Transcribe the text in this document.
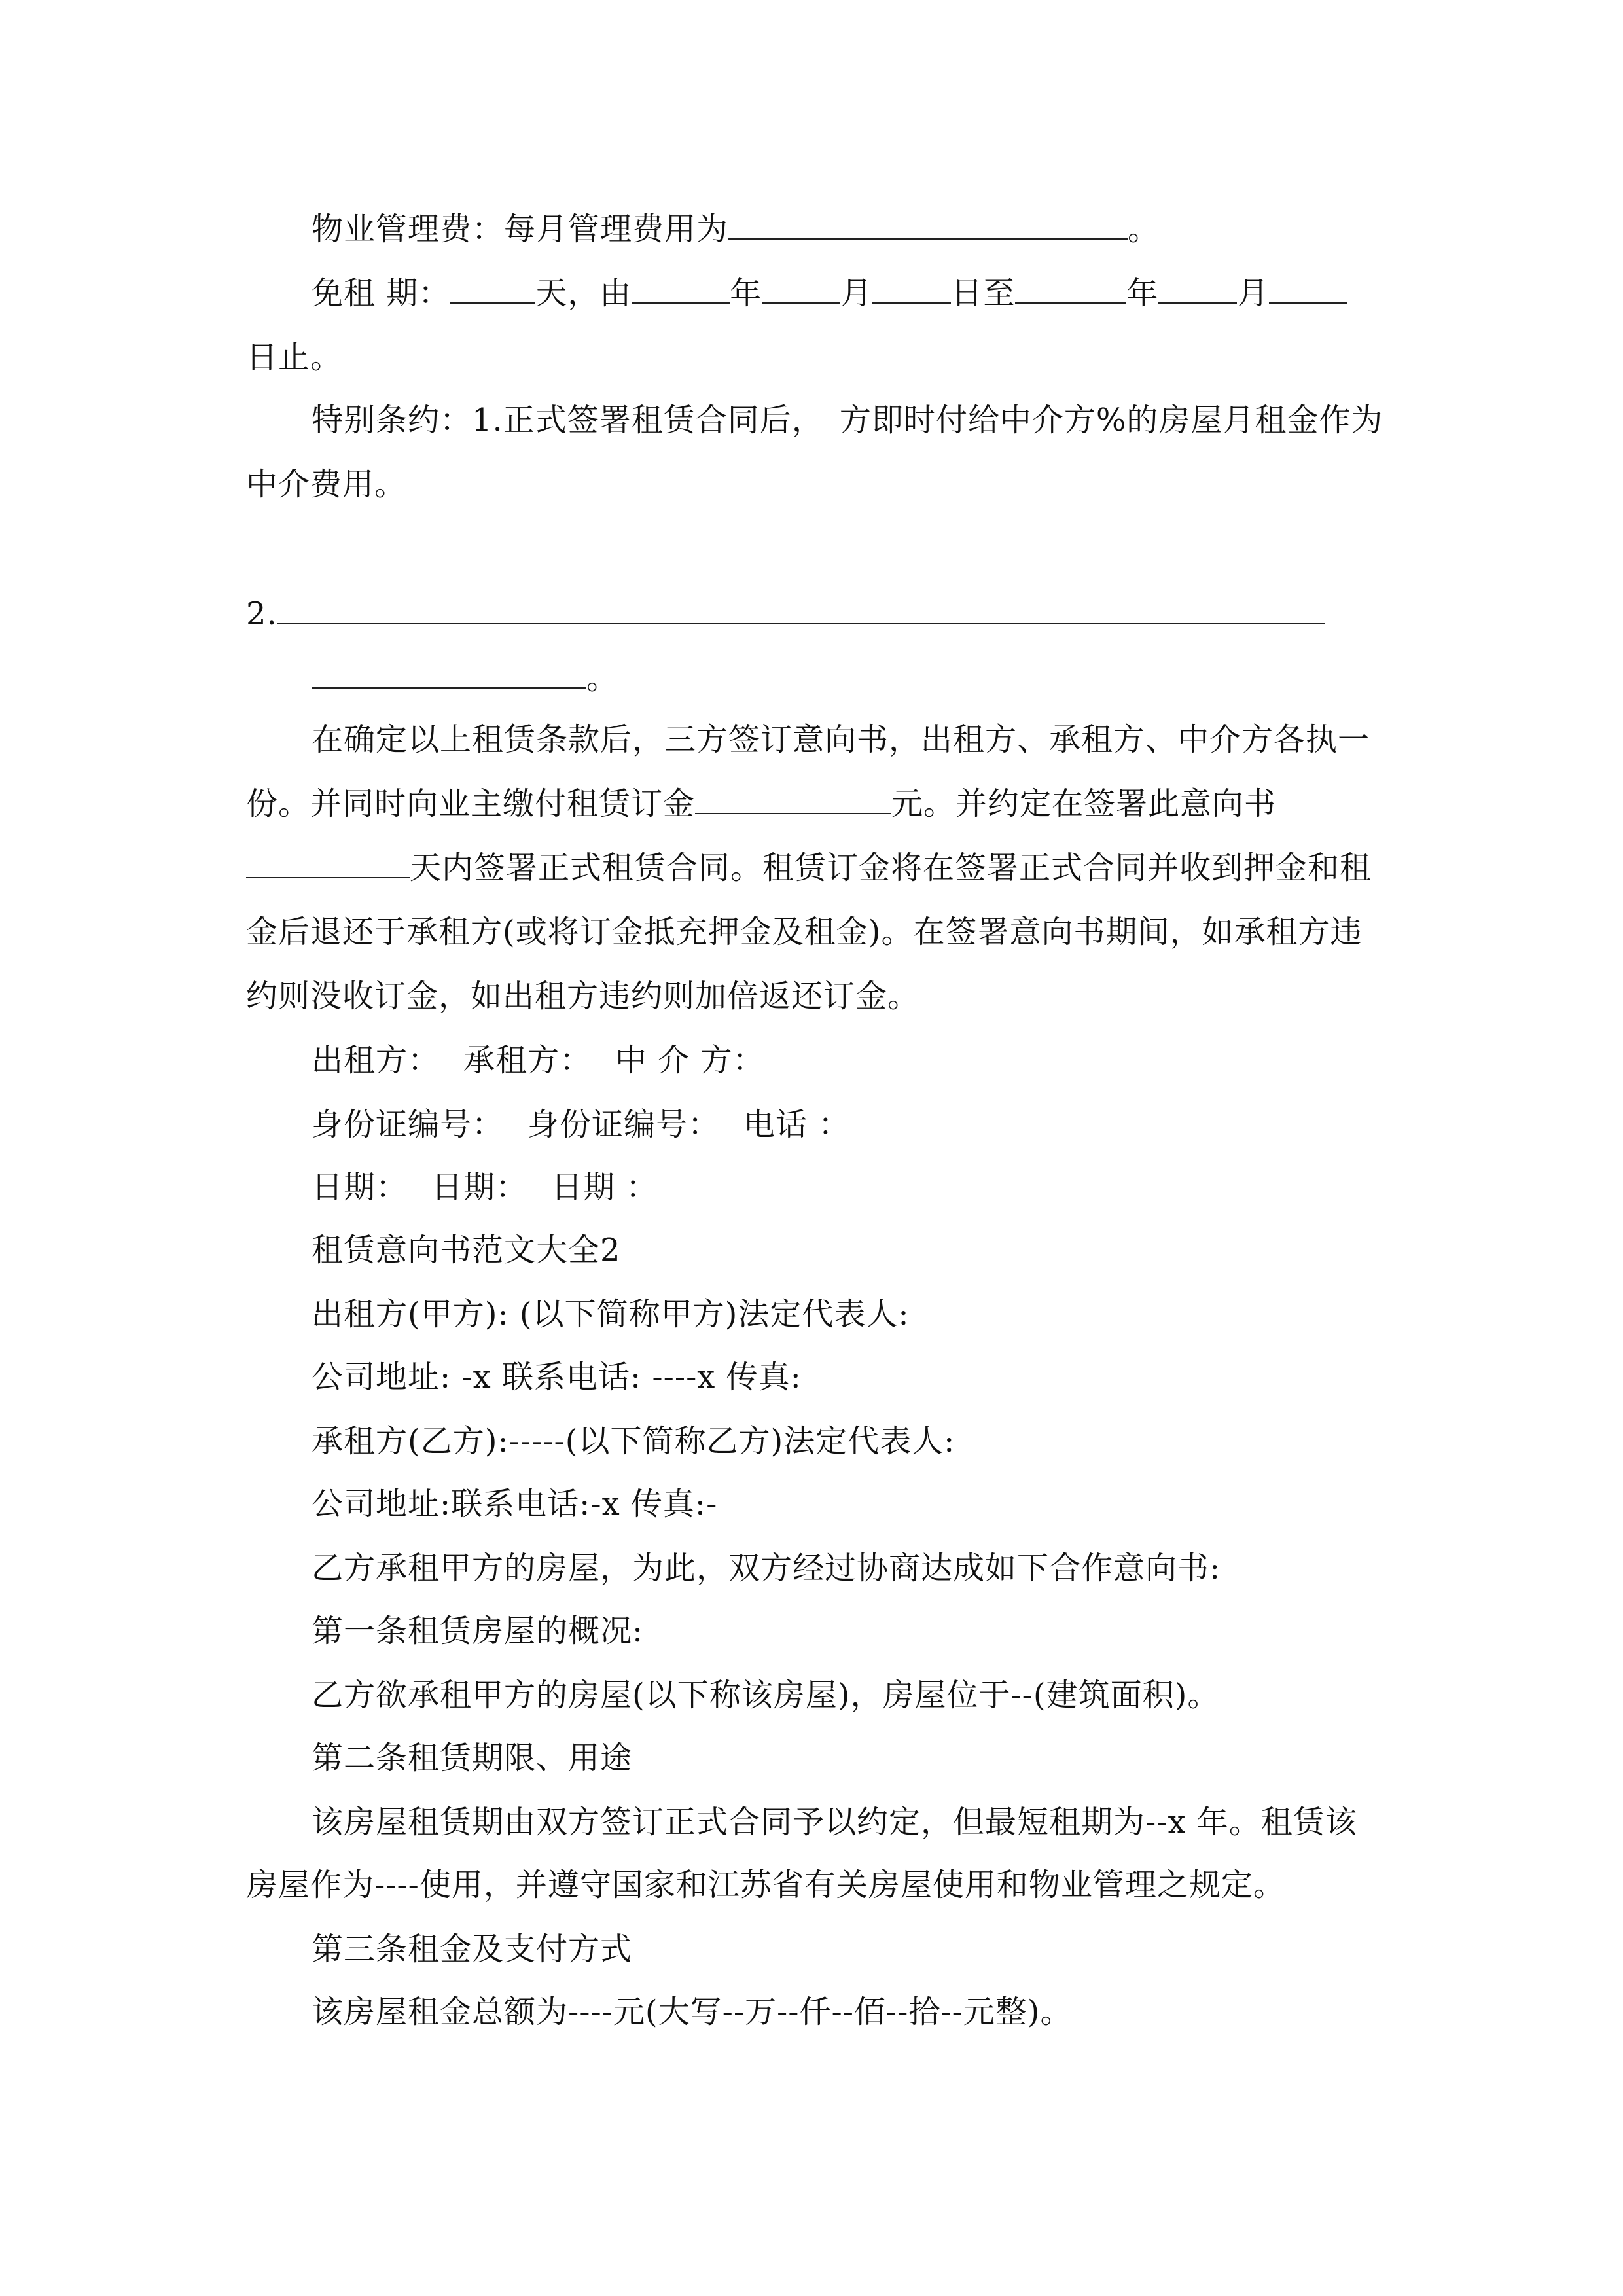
物业管理费：每月管理费用为	。
免租 期：	天，由	年	月	日至	年	月
日止。
特别条约：1.正式签署租赁合同后， 方即时付给中介方%的房屋月租金作为
中介费用。
2.
。
在确定以上租赁条款后，三方签订意向书，出租方、承租方、中介方各执一
份。并同时向业主缴付租赁订金	元。并约定在签署此意向书
天内签署正式租赁合同。租赁订金将在签署正式合同并收到押金和租
金后退还于承租方(或将订金抵充押金及租金)。在签署意向书期间，如承租方违
约则没收订金，如出租方违约则加倍返还订金。
出租方： 承租方： 中 介 方：
身份证编号： 身份证编号： 电话 ：
日期： 日期： 日期 ：
租赁意向书范文大全2
出租方(甲方): (以下简称甲方)法定代表人:
公司地址: -x 联系电话: ----x 传真:
承租方(乙方):-----(以下简称乙方)法定代表人:
公司地址:联系电话:-x 传真:-
乙方承租甲方的房屋，为此，双方经过协商达成如下合作意向书:
第一条租赁房屋的概况:
乙方欲承租甲方的房屋(以下称该房屋)，房屋位于--(建筑面积)。
第二条租赁期限、用途
该房屋租赁期由双方签订正式合同予以约定，但最短租期为--x 年。租赁该
房屋作为----使用，并遵守国家和江苏省有关房屋使用和物业管理之规定。
第三条租金及支付方式
该房屋租金总额为----元(大写--万--仟--佰--拾--元整)。
